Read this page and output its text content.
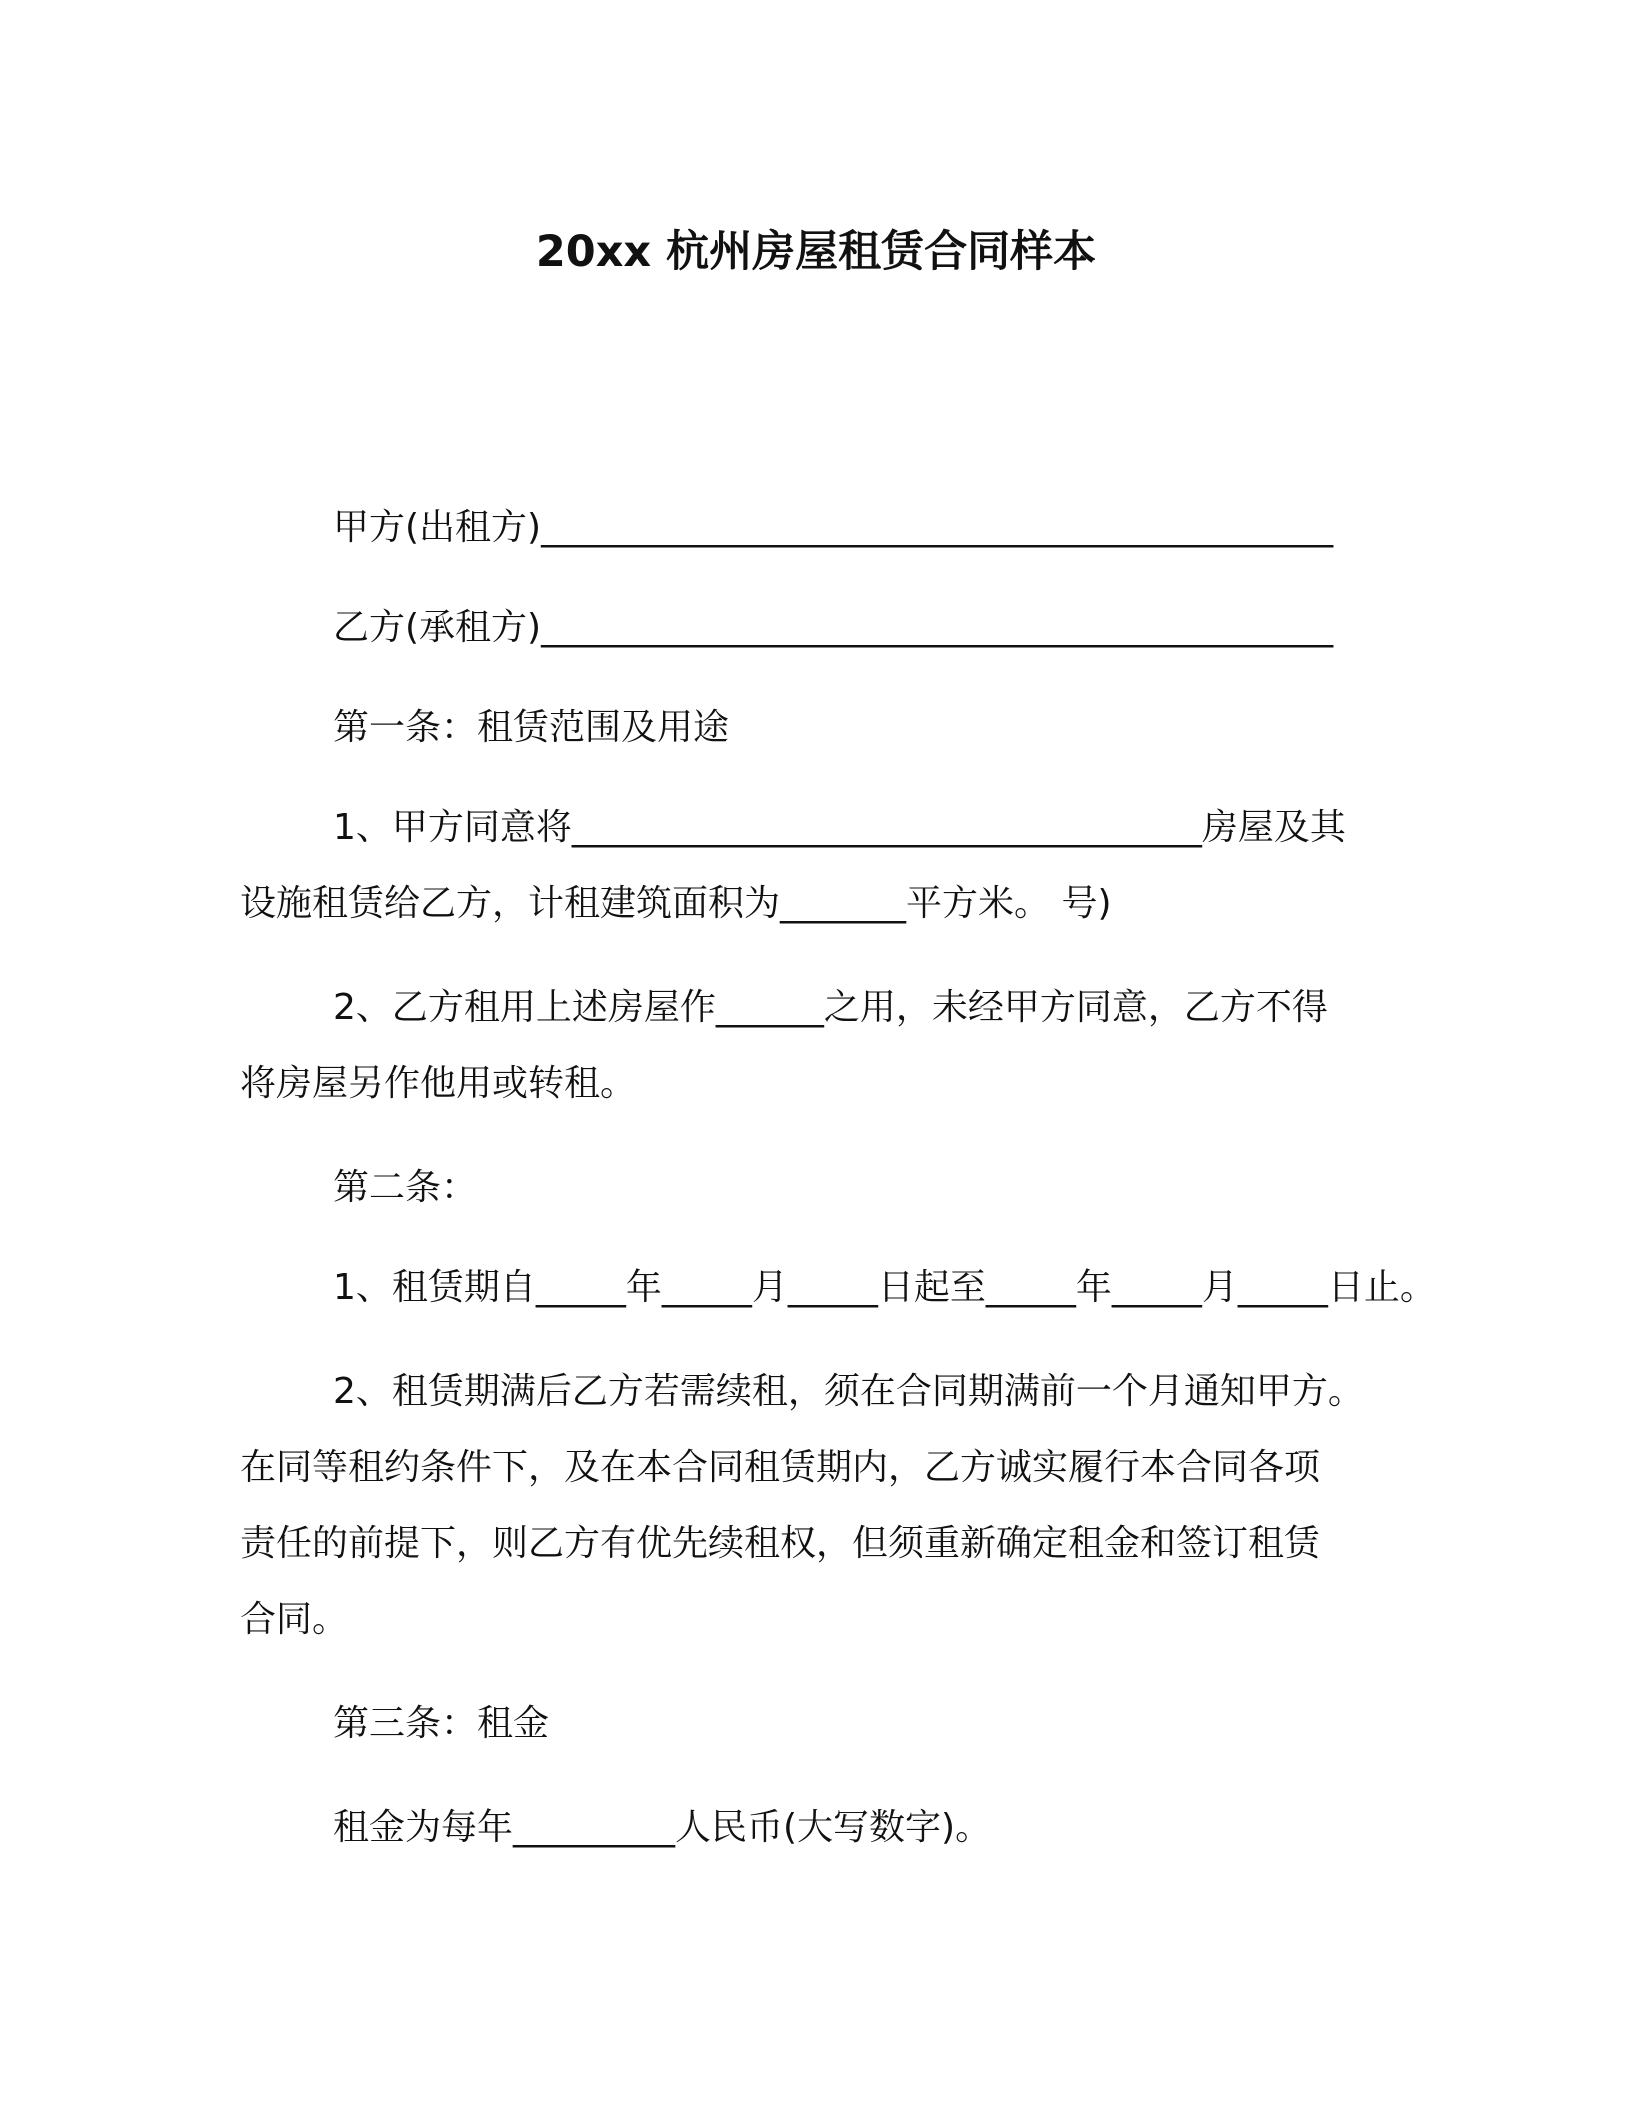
20xx 杭州房屋租赁合同样本
甲方(出租方)____________________________________________
乙方(承租方)____________________________________________
第一条：租赁范围及用途
1、甲方同意将___________________________________房屋及其
设施租赁给乙方，计租建筑面积为_______平方米。 号)
2、乙方租用上述房屋作______之用，未经甲方同意，乙方不得
将房屋另作他用或转租。
第二条：
1、租赁期自_____年_____月_____日起至_____年_____月_____日止。
2、租赁期满后乙方若需续租，须在合同期满前一个月通知甲方。
在同等租约条件下，及在本合同租赁期内，乙方诚实履行本合同各项
责任的前提下，则乙方有优先续租权，但须重新确定租金和签订租赁
合同。
第三条：租金
租金为每年_________人民币(大写数字)。
